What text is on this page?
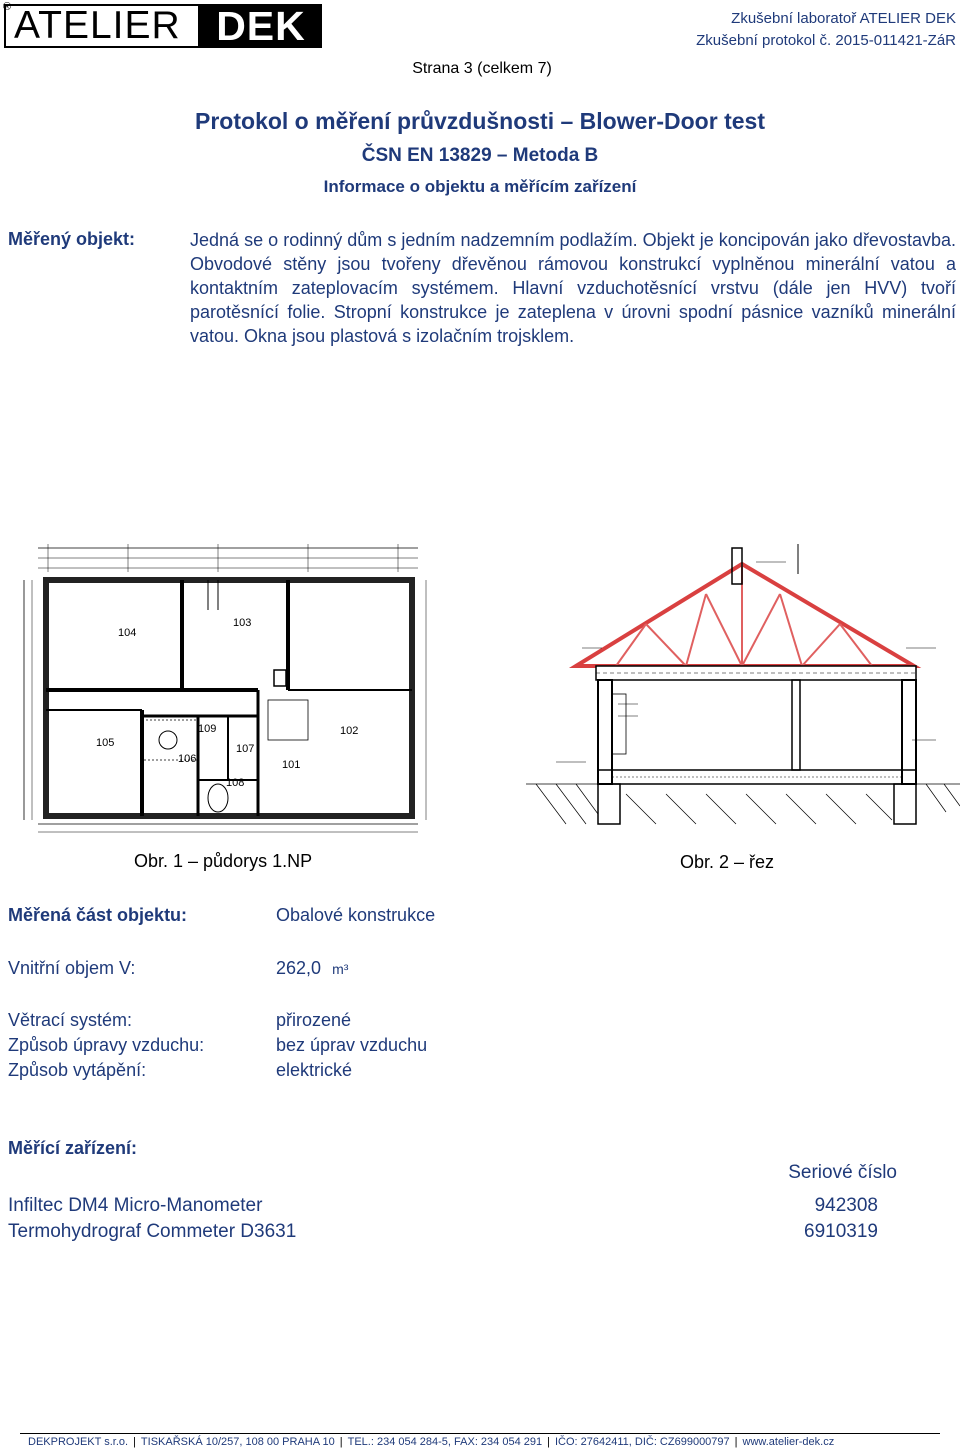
® ATELIER DEK	Zkušební laboratoř ATELIER DEK
Zkušební protokol č. 2015-011421-ZáR
Strana 3 (celkem 7)
Protokol o měření průvzdušnosti – Blower-Door test
ČSN EN 13829 – Metoda B
Informace o objektu a měřícím zařízení
Měřený objekt:	Jedná se o rodinný dům s jedním nadzemním podlažím. Objekt je koncipován jako dřevostavba. Obvodové stěny jsou tvořeny dřevěnou rámovou konstrukcí vyplněnou minerální vatou a kontaktním zateplovacím systémem. Hlavní vzduchotěsnící vrstvu (dále jen HVV) tvoří parotěsnící folie. Stropní konstrukce je zateplena v úrovni spodní pásnice vazníků minerální vatou. Okna jsou plastová s izolačním trojsklem.
104
103
105
106
109
108
107
101
102
Obr. 1 – půdorys 1.NP	Obr. 2 – řez
Měřená část objektu:	Obalové konstrukce
Vnitřní objem V:	262,0 m³
Větrací systém:	přirozené
Způsob úpravy vzduchu:	bez úprav vzduchu
Způsob vytápění:	elektrické
Měřící zařízení:
Seriové číslo
Infiltec DM4 Micro-Manometer	942308
Termohydrograf Commeter D3631	6910319
DEKPROJEKT s.r.o. | TISKAŘSKÁ 10/257, 108 00 PRAHA 10 | TEL.: 234 054 284-5, FAX: 234 054 291 | IČO: 27642411, DIČ: CZ699000797 | www.atelier-dek.cz
